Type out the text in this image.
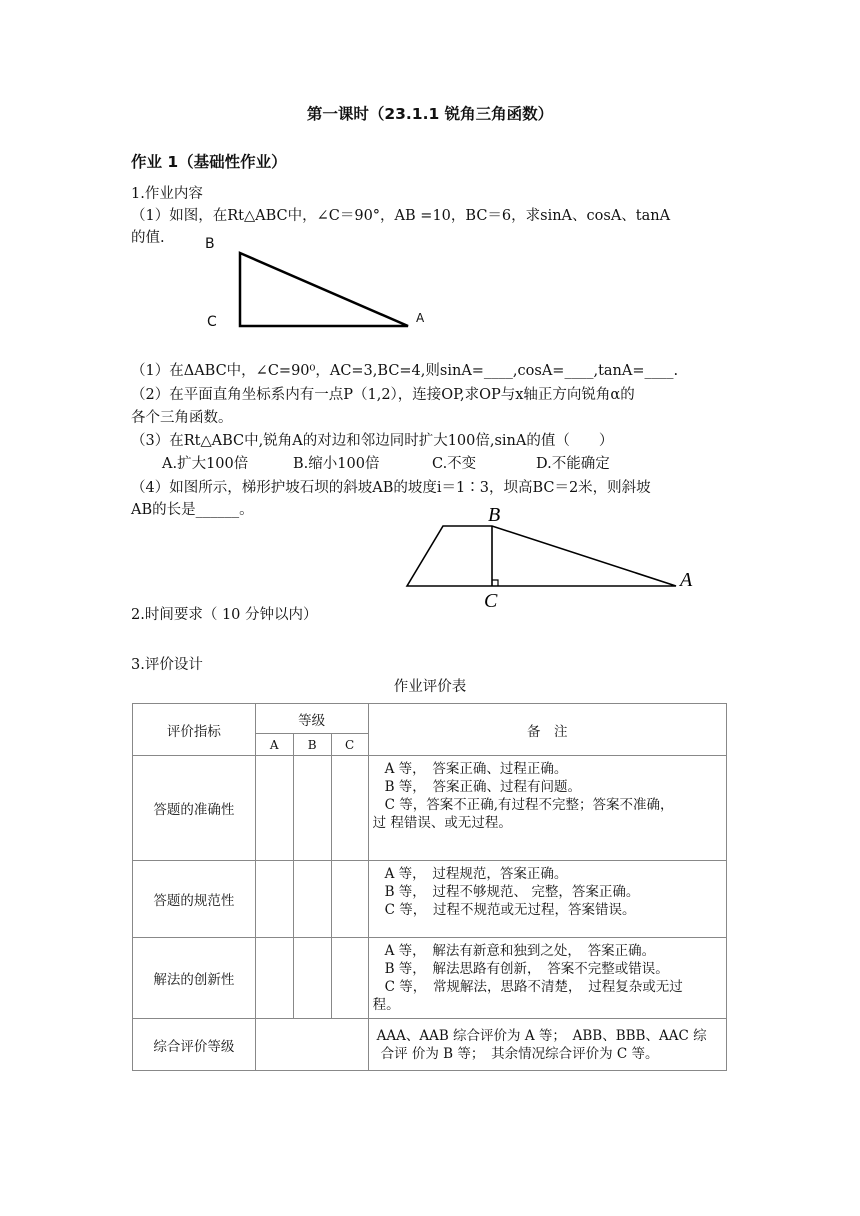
第一课时（23.1.1 锐角三角函数）
作业 1（基础性作业）
1.作业内容
（1）如图，在Rt△ABC中，∠C＝90°，AB =10，BC＝6，求sinA、cosA、tanA
的值.	B
C	A
（1）在ΔABC中，∠C=90⁰，AC=3,BC=4,则sinA=____,cosA=____,tanA=____.
（2）在平面直角坐标系内有一点P（1,2），连接OP,求OP与x轴正方向锐角α的
各个三角函数。
（3）在Rt△ABC中,锐角A的对边和邻边同时扩大100倍,sinA的值（　　）
A.扩大100倍	B.缩小100倍	C.不变	D.不能确定
（4）如图所示，梯形护坡石坝的斜坡AB的坡度i＝1∶3，坝高BC＝2米，则斜坡
AB的长是______。	B
C
A
2.时间要求（ 10 分钟以内）
3.评价设计
作业评价表
评价指标	等级			备　注
	A	B	C	
答题的准确性				A 等，　答案正确、过程正确。
B 等，　答案正确、过程有问题。
C 等，答案不正确,有过程不完整；答案不准确，
过 程错误、或无过程。

答题的规范性				A 等，　过程规范，答案正确。
B 等，　过程不够规范、 完整，答案正确。
C 等，　过程不规范或无过程，答案错误。

解法的创新性				A 等，　解法有新意和独到之处，　答案正确。
B 等，　解法思路有创新，　答案不完整或错误。
C 等，　常规解法，思路不清楚，　过程复杂或无过
程。

综合评价等级				AAA、AAB 综合评价为 A 等；　ABB、BBB、AAC 综
合评 价为 B 等；　其余情况综合评价为 C 等。
